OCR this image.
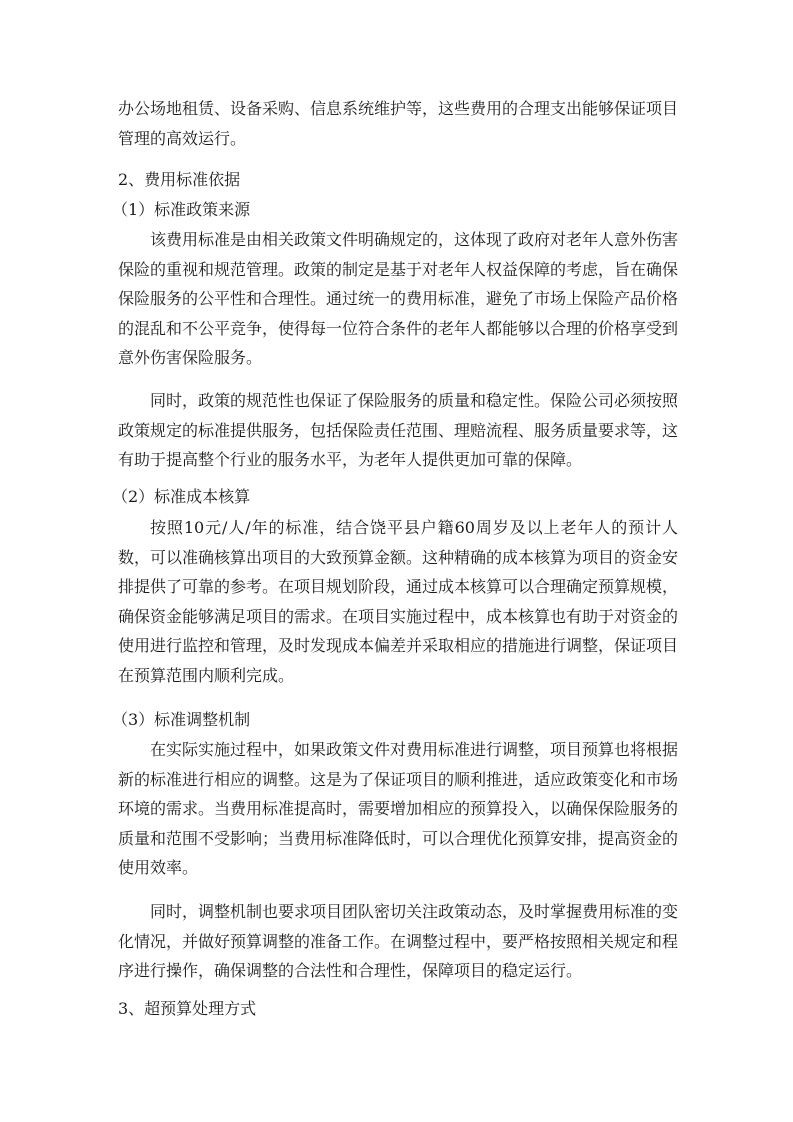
办公场地租赁、设备采购、信息系统维护等，这些费用的合理支出能够保证项目管理的高效运行。

2、费用标准依据

（1）标准政策来源

该费用标准是由相关政策文件明确规定的，这体现了政府对老年人意外伤害保险的重视和规范管理。政策的制定是基于对老年人权益保障的考虑，旨在确保保险服务的公平性和合理性。通过统一的费用标准，避免了市场上保险产品价格的混乱和不公平竞争，使得每一位符合条件的老年人都能够以合理的价格享受到意外伤害保险服务。

同时，政策的规范性也保证了保险服务的质量和稳定性。保险公司必须按照政策规定的标准提供服务，包括保险责任范围、理赔流程、服务质量要求等，这有助于提高整个行业的服务水平，为老年人提供更加可靠的保障。

（2）标准成本核算

按照10元/人/年的标准，结合饶平县户籍60周岁及以上老年人的预计人数，可以准确核算出项目的大致预算金额。这种精确的成本核算为项目的资金安排提供了可靠的参考。在项目规划阶段，通过成本核算可以合理确定预算规模，确保资金能够满足项目的需求。在项目实施过程中，成本核算也有助于对资金的使用进行监控和管理，及时发现成本偏差并采取相应的措施进行调整，保证项目在预算范围内顺利完成。

（3）标准调整机制

在实际实施过程中，如果政策文件对费用标准进行调整，项目预算也将根据新的标准进行相应的调整。这是为了保证项目的顺利推进，适应政策变化和市场环境的需求。当费用标准提高时，需要增加相应的预算投入，以确保保险服务的质量和范围不受影响；当费用标准降低时，可以合理优化预算安排，提高资金的使用效率。

同时，调整机制也要求项目团队密切关注政策动态，及时掌握费用标准的变化情况，并做好预算调整的准备工作。在调整过程中，要严格按照相关规定和程序进行操作，确保调整的合法性和合理性，保障项目的稳定运行。

3、超预算处理方式
